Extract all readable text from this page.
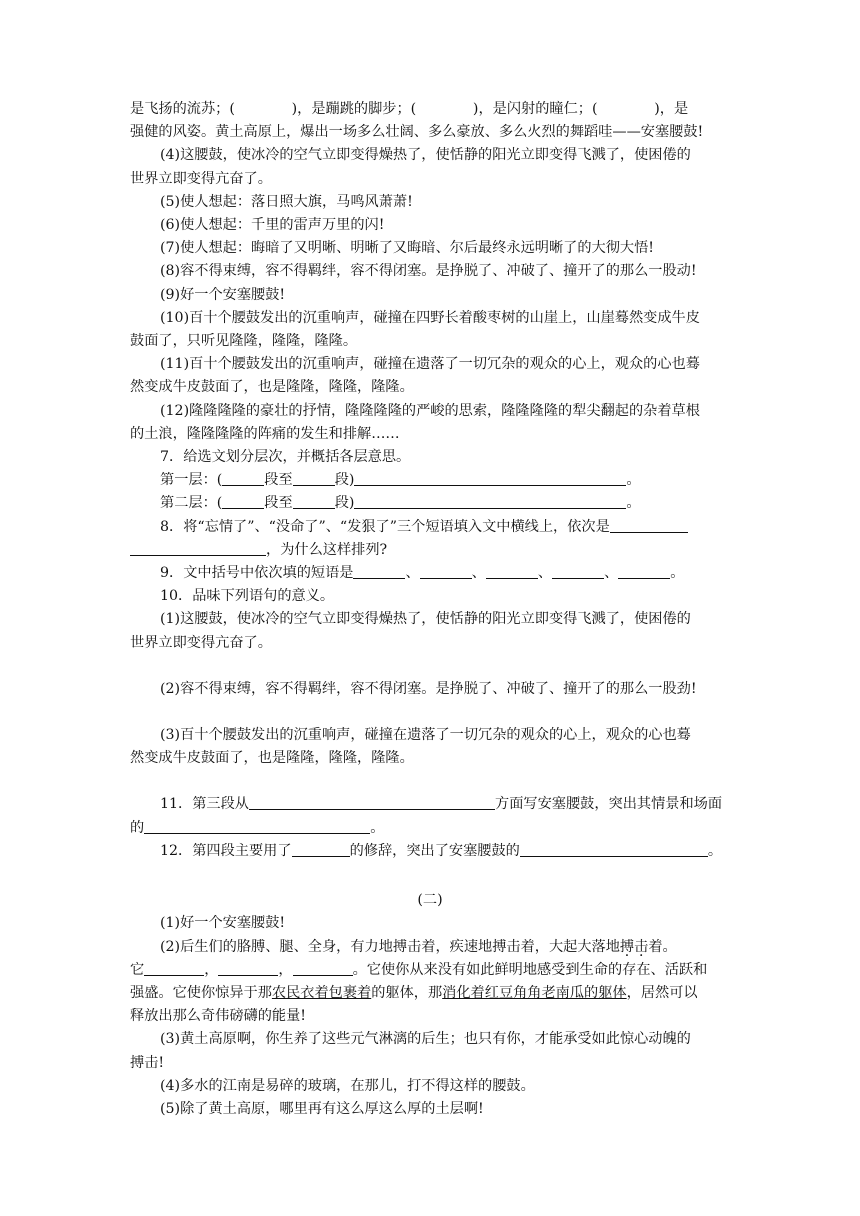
是飞扬的流苏；(　　　　)，是蹦跳的脚步；(　　　　)，是闪射的瞳仁；(　　　　)，是

强健的风姿。黄土高原上，爆出一场多么壮阔、多么豪放、多么火烈的舞蹈哇——安塞腰鼓!

(4)这腰鼓，使冰冷的空气立即变得燥热了，使恬静的阳光立即变得飞溅了，使困倦的

世界立即变得亢奋了。

(5)使人想起：落日照大旗，马鸣风萧萧!

(6)使人想起：千里的雷声万里的闪!

(7)使人想起：晦暗了又明晰、明晰了又晦暗、尔后最终永远明晰了的大彻大悟!

(8)容不得束缚，容不得羁绊，容不得闭塞。是挣脱了、冲破了、撞开了的那么一股动!

(9)好一个安塞腰鼓!

(10)百十个腰鼓发出的沉重响声，碰撞在四野长着酸枣树的山崖上，山崖蓦然变成牛皮

鼓面了，只听见隆隆，隆隆，隆隆。

(11)百十个腰鼓发出的沉重响声，碰撞在遗落了一切冗杂的观众的心上，观众的心也蓦

然变成牛皮鼓面了，也是隆隆，隆隆，隆隆。

(12)隆隆隆隆的豪壮的抒情，隆隆隆隆的严峻的思索，隆隆隆隆的犁尖翻起的杂着草根

的土浪，隆隆隆隆的阵痛的发生和排解……

7．给选文划分层次，并概括各层意思。

第一层：(	段至	段)	。

第二层：(	段至	段)	。

8．将“忘情了”、“没命了”、“发狠了”三个短语填入文中横线上，依次是

，为什么这样排列?

9．文中括号中依次填的短语是	、	、	、	、	。

10．品味下列语句的意义。

(1)这腰鼓，使冰冷的空气立即变得燥热了，使恬静的阳光立即变得飞溅了，使困倦的

世界立即变得亢奋了。

(2)容不得束缚，容不得羁绊，容不得闭塞。是挣脱了、冲破了、撞开了的那么一股劲!

(3)百十个腰鼓发出的沉重响声，碰撞在遗落了一切冗杂的观众的心上，观众的心也蓦

然变成牛皮鼓面了，也是隆隆，隆隆，隆隆。

11．第三段从	方面写安塞腰鼓，突出其情景和场面

的	。

12．第四段主要用了	的修辞，突出了安塞腰鼓的	。

(二)

(1)好一个安塞腰鼓!

(2)后生们的胳膊、腿、全身，有力地搏击着，疾速地搏击着，大起大落地搏击着。

它	，	，	。它使你从来没有如此鲜明地感受到生命的存在、活跃和

强盛。它使你惊异于那农民衣着包裹着的躯体，那消化着红豆角角老南瓜的躯体，居然可以

释放出那么奇伟磅礴的能量!

(3)黄土高原啊，你生养了这些元气淋漓的后生；也只有你，才能承受如此惊心动魄的

搏击!

(4)多水的江南是易碎的玻璃，在那儿，打不得这样的腰鼓。

(5)除了黄土高原，哪里再有这么厚这么厚的土层啊!
